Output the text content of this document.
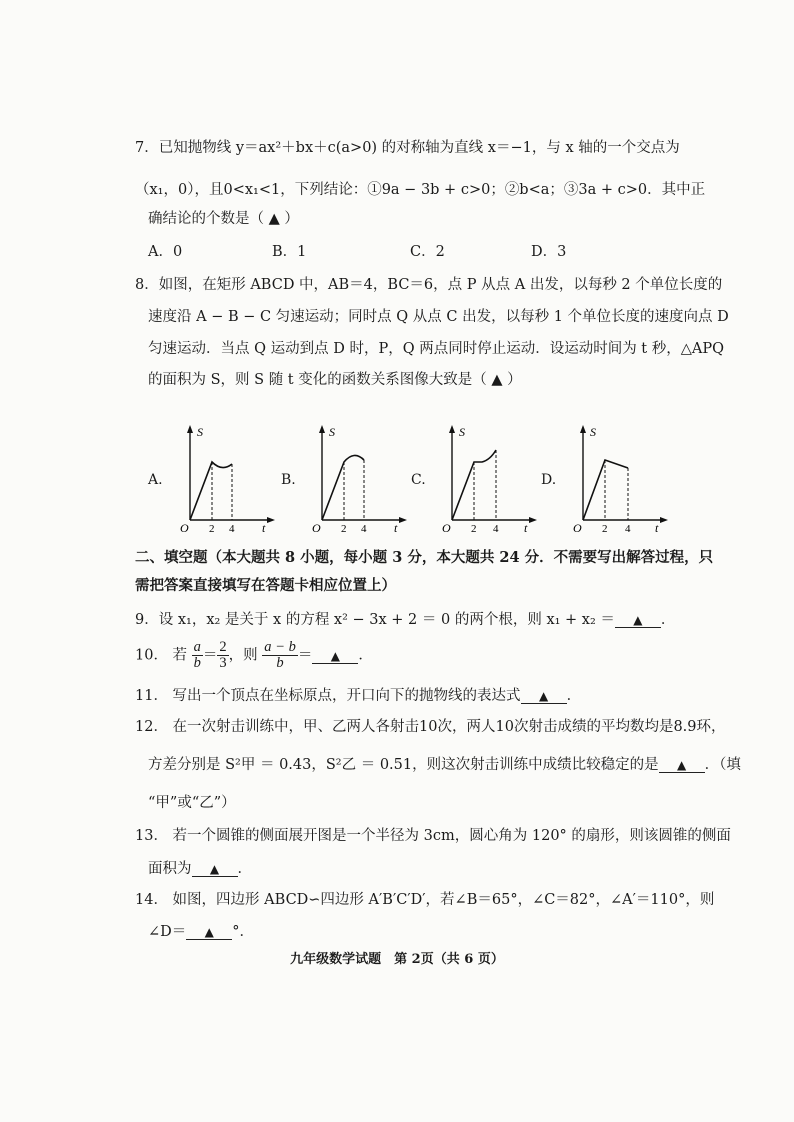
7．已知抛物线 y＝ax²＋bx＋c(a>0) 的对称轴为直线 x＝−1，与 x 轴的一个交点为
（x₁，0），且0<x₁<1，下列结论：①9a − 3b + c>0；②b<a；③3a + c>0．其中正
确结论的个数是（ ▲ ）
A．0	B．1	C．2	D．3
8．如图，在矩形 ABCD 中，AB＝4，BC＝6，点 P 从点 A 出发，以每秒 2 个单位长度的
速度沿 A − B − C 匀速运动；同时点 Q 从点 C 出发，以每秒 1 个单位长度的速度向点 D
匀速运动．当点 Q 运动到点 D 时，P，Q 两点同时停止运动．设运动时间为 t 秒，△APQ
的面积为 S，则 S 随 t 变化的函数关系图像大致是（ ▲ ）
A.
S
O 2 4 t
B.
S
O 2 4 t
C.
S
O 2 4 t
D.
S
O 2 4 t
二、填空题（本大题共 8 小题，每小题 3 分，本大题共 24 分．不需要写出解答过程，只
需把答案直接填写在答题卡相应位置上）
9．设 x₁，x₂ 是关于 x 的方程 x² − 3x + 2 ＝ 0 的两个根，则 x₁ + x₂ ＝ ▲ ．
10． 若 $\frac{a}{b} = \frac{2}{3}$ ，则 $\frac{a - b}{b}$ ＝ ▲ ．
11． 写出一个顶点在坐标原点，开口向下的抛物线的表达式 ▲ ．
12． 在一次射击训练中，甲、乙两人各射击10次，两人10次射击成绩的平均数均是8.9环，
方差分别是 S²甲 ＝ 0.43，S²乙 ＝ 0.51，则这次射击训练中成绩比较稳定的是 ▲ ．（填
“甲”或“乙”）
13． 若一个圆锥的侧面展开图是一个半径为 3cm，圆心角为 120° 的扇形，则该圆锥的侧面
面积为 ▲ ．
14． 如图，四边形 ABCD∽四边形 A′B′C′D′，若∠B＝65°，∠C＝82°，∠A′＝110°，则
∠D＝ ▲ °．
九年级数学试题　第 2页（共 6 页）
